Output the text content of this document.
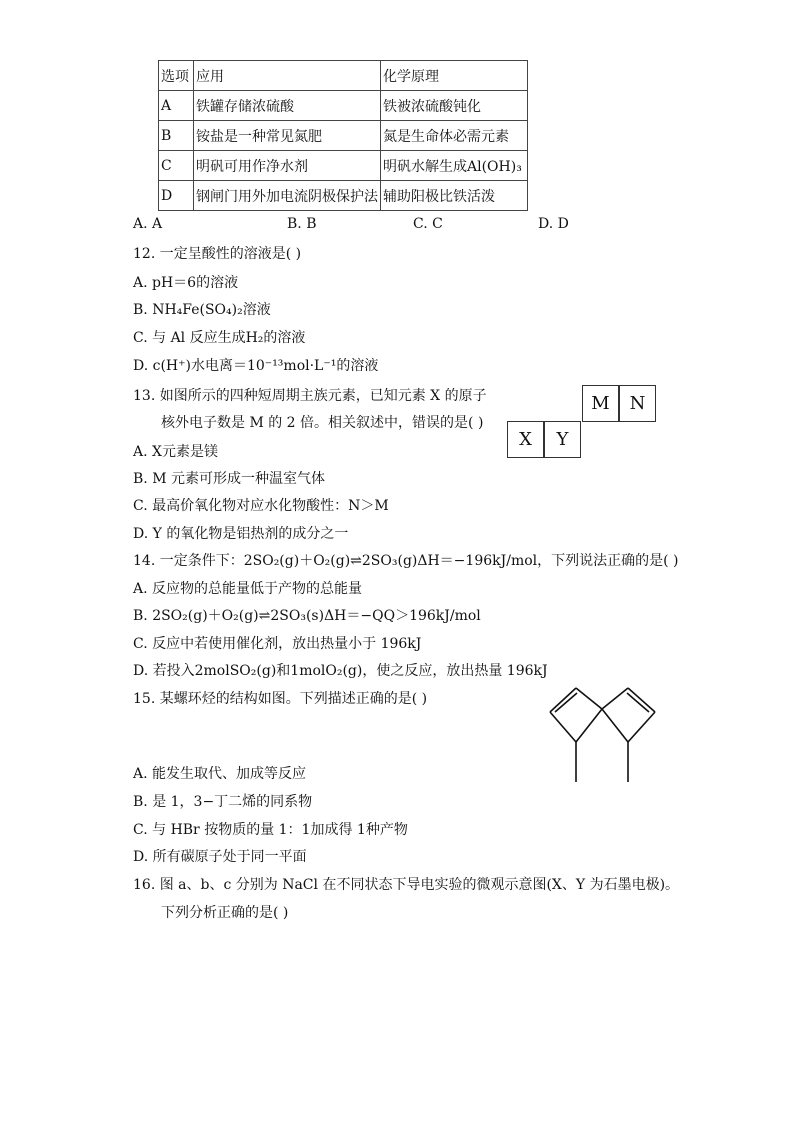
选项	应用	化学原理
A	铁罐存储浓硫酸	铁被浓硫酸钝化
B	铵盐是一种常见氮肥	氮是生命体必需元素
C	明矾可用作净水剂	明矾水解生成Al(OH)₃
D	钢闸门用外加电流阴极保护法	辅助阳极比铁活泼
A. A	B. B	C. C	D. D
12. 一定呈酸性的溶液是( )
A. pH＝6的溶液
B. NH₄Fe(SO₄)₂溶液
C. 与 Al 反应生成H₂的溶液
D. c(H⁺)水电离＝10⁻¹³mol·L⁻¹的溶液
13. 如图所示的四种短周期主族元素，已知元素 X 的原子
核外电子数是 M 的 2 倍。相关叙述中，错误的是( )
A. X元素是镁
B. M 元素可形成一种温室气体
C. 最高价氧化物对应水化物酸性：N＞M
D. Y 的氧化物是铝热剂的成分之一
M	N
X	Y
14. 一定条件下：2SO₂(g)＋O₂(g)⇌2SO₃(g)ΔH＝−196kJ/mol，下列说法正确的是( )
A. 反应物的总能量低于产物的总能量
B. 2SO₂(g)＋O₂(g)⇌2SO₃(s)ΔH＝−QQ＞196kJ/mol
C. 反应中若使用催化剂，放出热量小于 196kJ
D. 若投入2molSO₂(g)和1molO₂(g)，使之反应，放出热量 196kJ
15. 某螺环烃的结构如图。下列描述正确的是( )
A. 能发生取代、加成等反应
B. 是 1，3−丁二烯的同系物
C. 与 HBr 按物质的量 1：1加成得 1种产物
D. 所有碳原子处于同一平面
16. 图 a、b、c 分别为 NaCl 在不同状态下导电实验的微观示意图(X、Y 为石墨电极)。
下列分析正确的是( )
